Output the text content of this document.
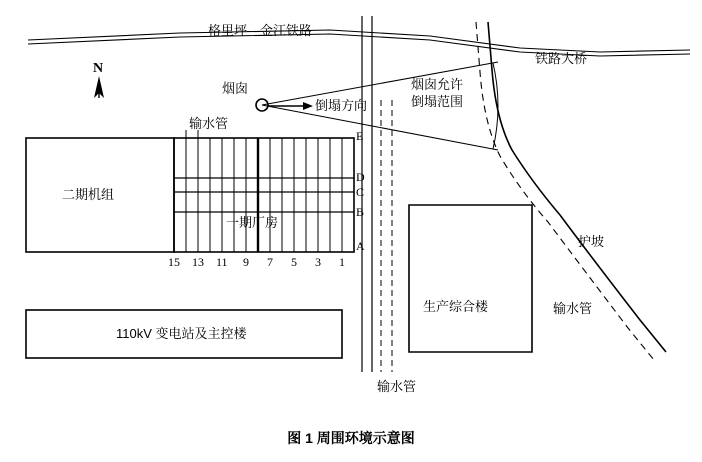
格里坪—金江铁路
铁路大桥
N
烟囱
倒塌方向
烟囱允许
倒塌范围
输水管
护坡
输水管
输水管
二期机组
一期厂房
110kV 变电站及主控楼
生产综合楼
E
D
C
B
A
15 13 11 9 7 5 3 1
图 1 周围环境示意图
